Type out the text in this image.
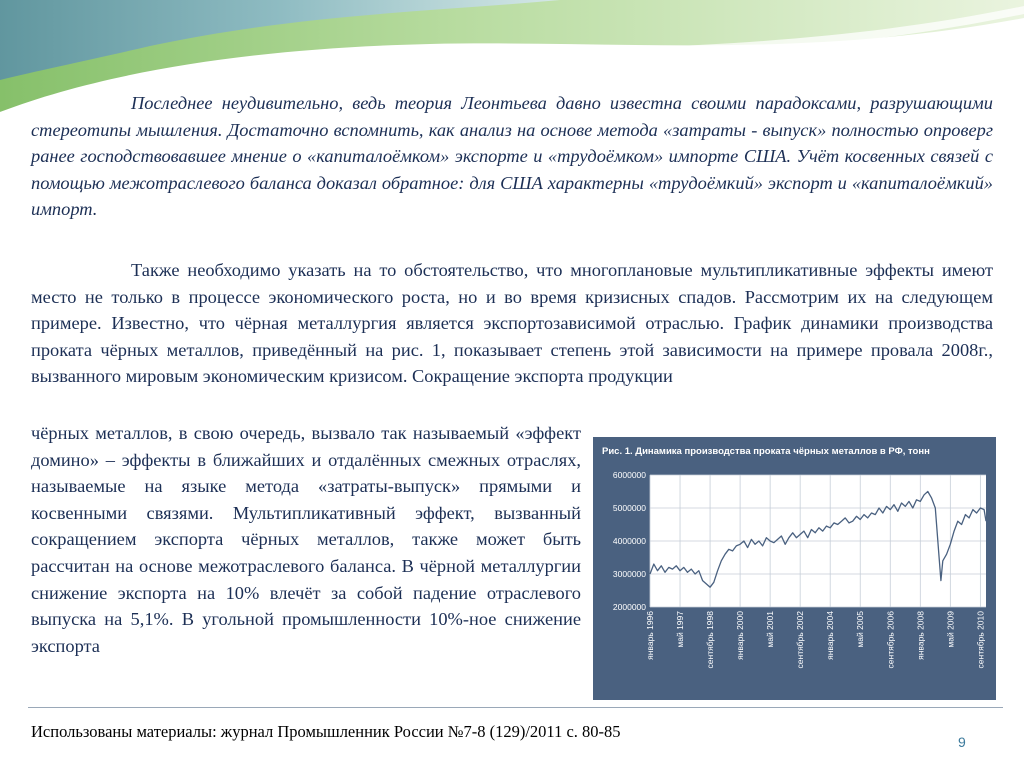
Последнее неудивительно, ведь теория Леонтьева давно известна своими парадоксами, разрушающими стереотипы мышления. Достаточно вспомнить, как анализ на основе метода «затраты - выпуск» полностью опроверг ранее господствовавшее мнение о «капиталоёмком» экспорте и «трудоёмком» импорте США. Учёт косвенных связей с помощью межотраслевого баланса доказал обратное: для США характерны «трудоёмкий» экспорт и «капиталоёмкий» импорт.

Также необходимо указать на то обстоятельство, что многоплановые мультипликативные эффекты имеют место не только в процессе экономического роста, но и во время кризисных спадов. Рассмотрим их на следующем примере. Известно, что чёрная металлургия является экспортозависимой отраслью. График динамики производства проката чёрных металлов, приведённый на рис. 1, показывает степень этой зависимости на примере провала 2008г., вызванного мировым экономическим кризисом. Сокращение экспорта продукции

чёрных металлов, в свою очередь, вызвало так называемый «эффект домино» – эффекты в ближайших и отдалённых смежных отраслях, называемые на языке метода «затраты-выпуск» прямыми и косвенными связями. Мультипликативный эффект, вызванный сокращением экспорта чёрных металлов, также может быть рассчитан на основе межотраслевого баланса. В чёрной металлургии снижение экспорта на 10% влечёт за собой падение отраслевого выпуска на 5,1%. В угольной промышленности 10%-ное снижение экспорта

2000000
3000000
4000000
5000000
6000000
январь 1996 май 1997 сентябрь 1998 январь 2000 май 2001 сентябрь 2002 январь 2004 май 2005 сентябрь 2006 январь 2008 май 2009 сентябрь 2010

Рис. 1. Динамика производства проката чёрных металлов в РФ, тонн

Использованы материалы: журнал Промышленник России №7-8 (129)/2011 с. 80-85

9
